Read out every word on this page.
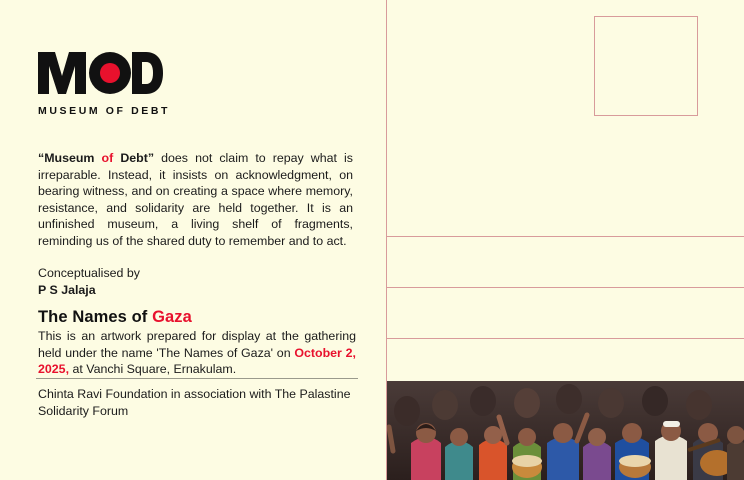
MUSEUM OF DEBT
“Museum of Debt” does not claim to repay what is irreparable. Instead, it insists on acknowledgment, on bearing witness, and on creating a space where memory, resistance, and solidarity are held together. It is an unfinished museum, a living shelf of fragments, reminding us of the shared duty to remember and to act.
Conceptualised by
P S Jalaja
The Names of Gaza
This is an artwork prepared for display at the gathering held under the name 'The Names of Gaza' on October 2, 2025, at Vanchi Square, Ernakulam.
Chinta Ravi Foundation in association with The Palastine Solidarity Forum
